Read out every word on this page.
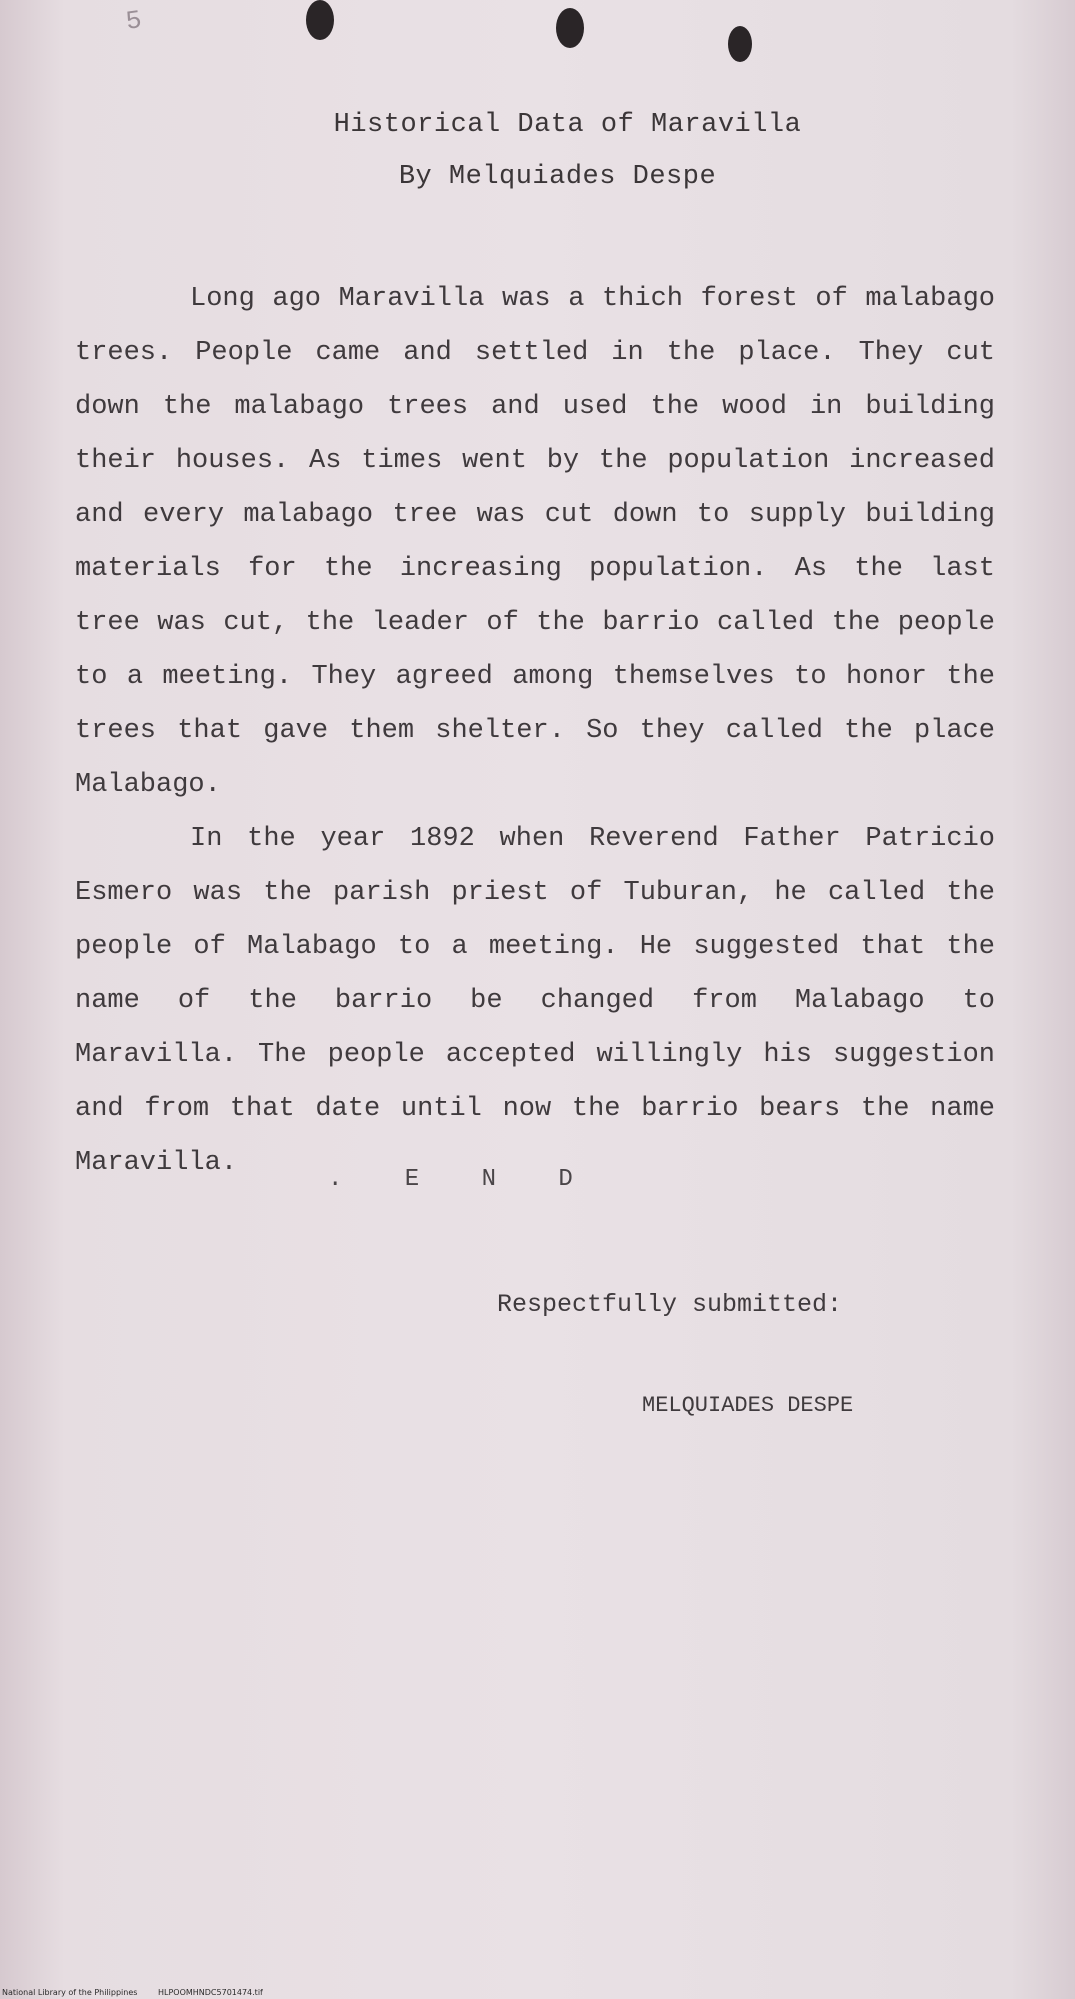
5
Historical Data of Maravilla
By Melquiades Despe

Long ago Maravilla was a thich forest of malabago trees. People came and settled in the place. They cut down the malabago trees and used the wood in building their houses. As times went by the population increased and every malabago tree was cut down to supply building materials for the increasing population. As the last tree was cut, the leader of the barrio called the people to a meeting. They agreed among themselves to honor the trees that gave them shelter. So they called the place Malabago.

In the year 1892 when Reverend Father Patricio Esmero was the parish priest of Tuburan, he called the people of Malabago to a meeting. He suggested that the name of the barrio be changed from Malabago to Maravilla. The people accepted willingly his suggestion and from that date until now the barrio bears the name Maravilla.

. E N D
Respectfully submitted:
MELQUIADES DESPE
National Library of the Philippines	HLPOOMHNDC5701474.tif
